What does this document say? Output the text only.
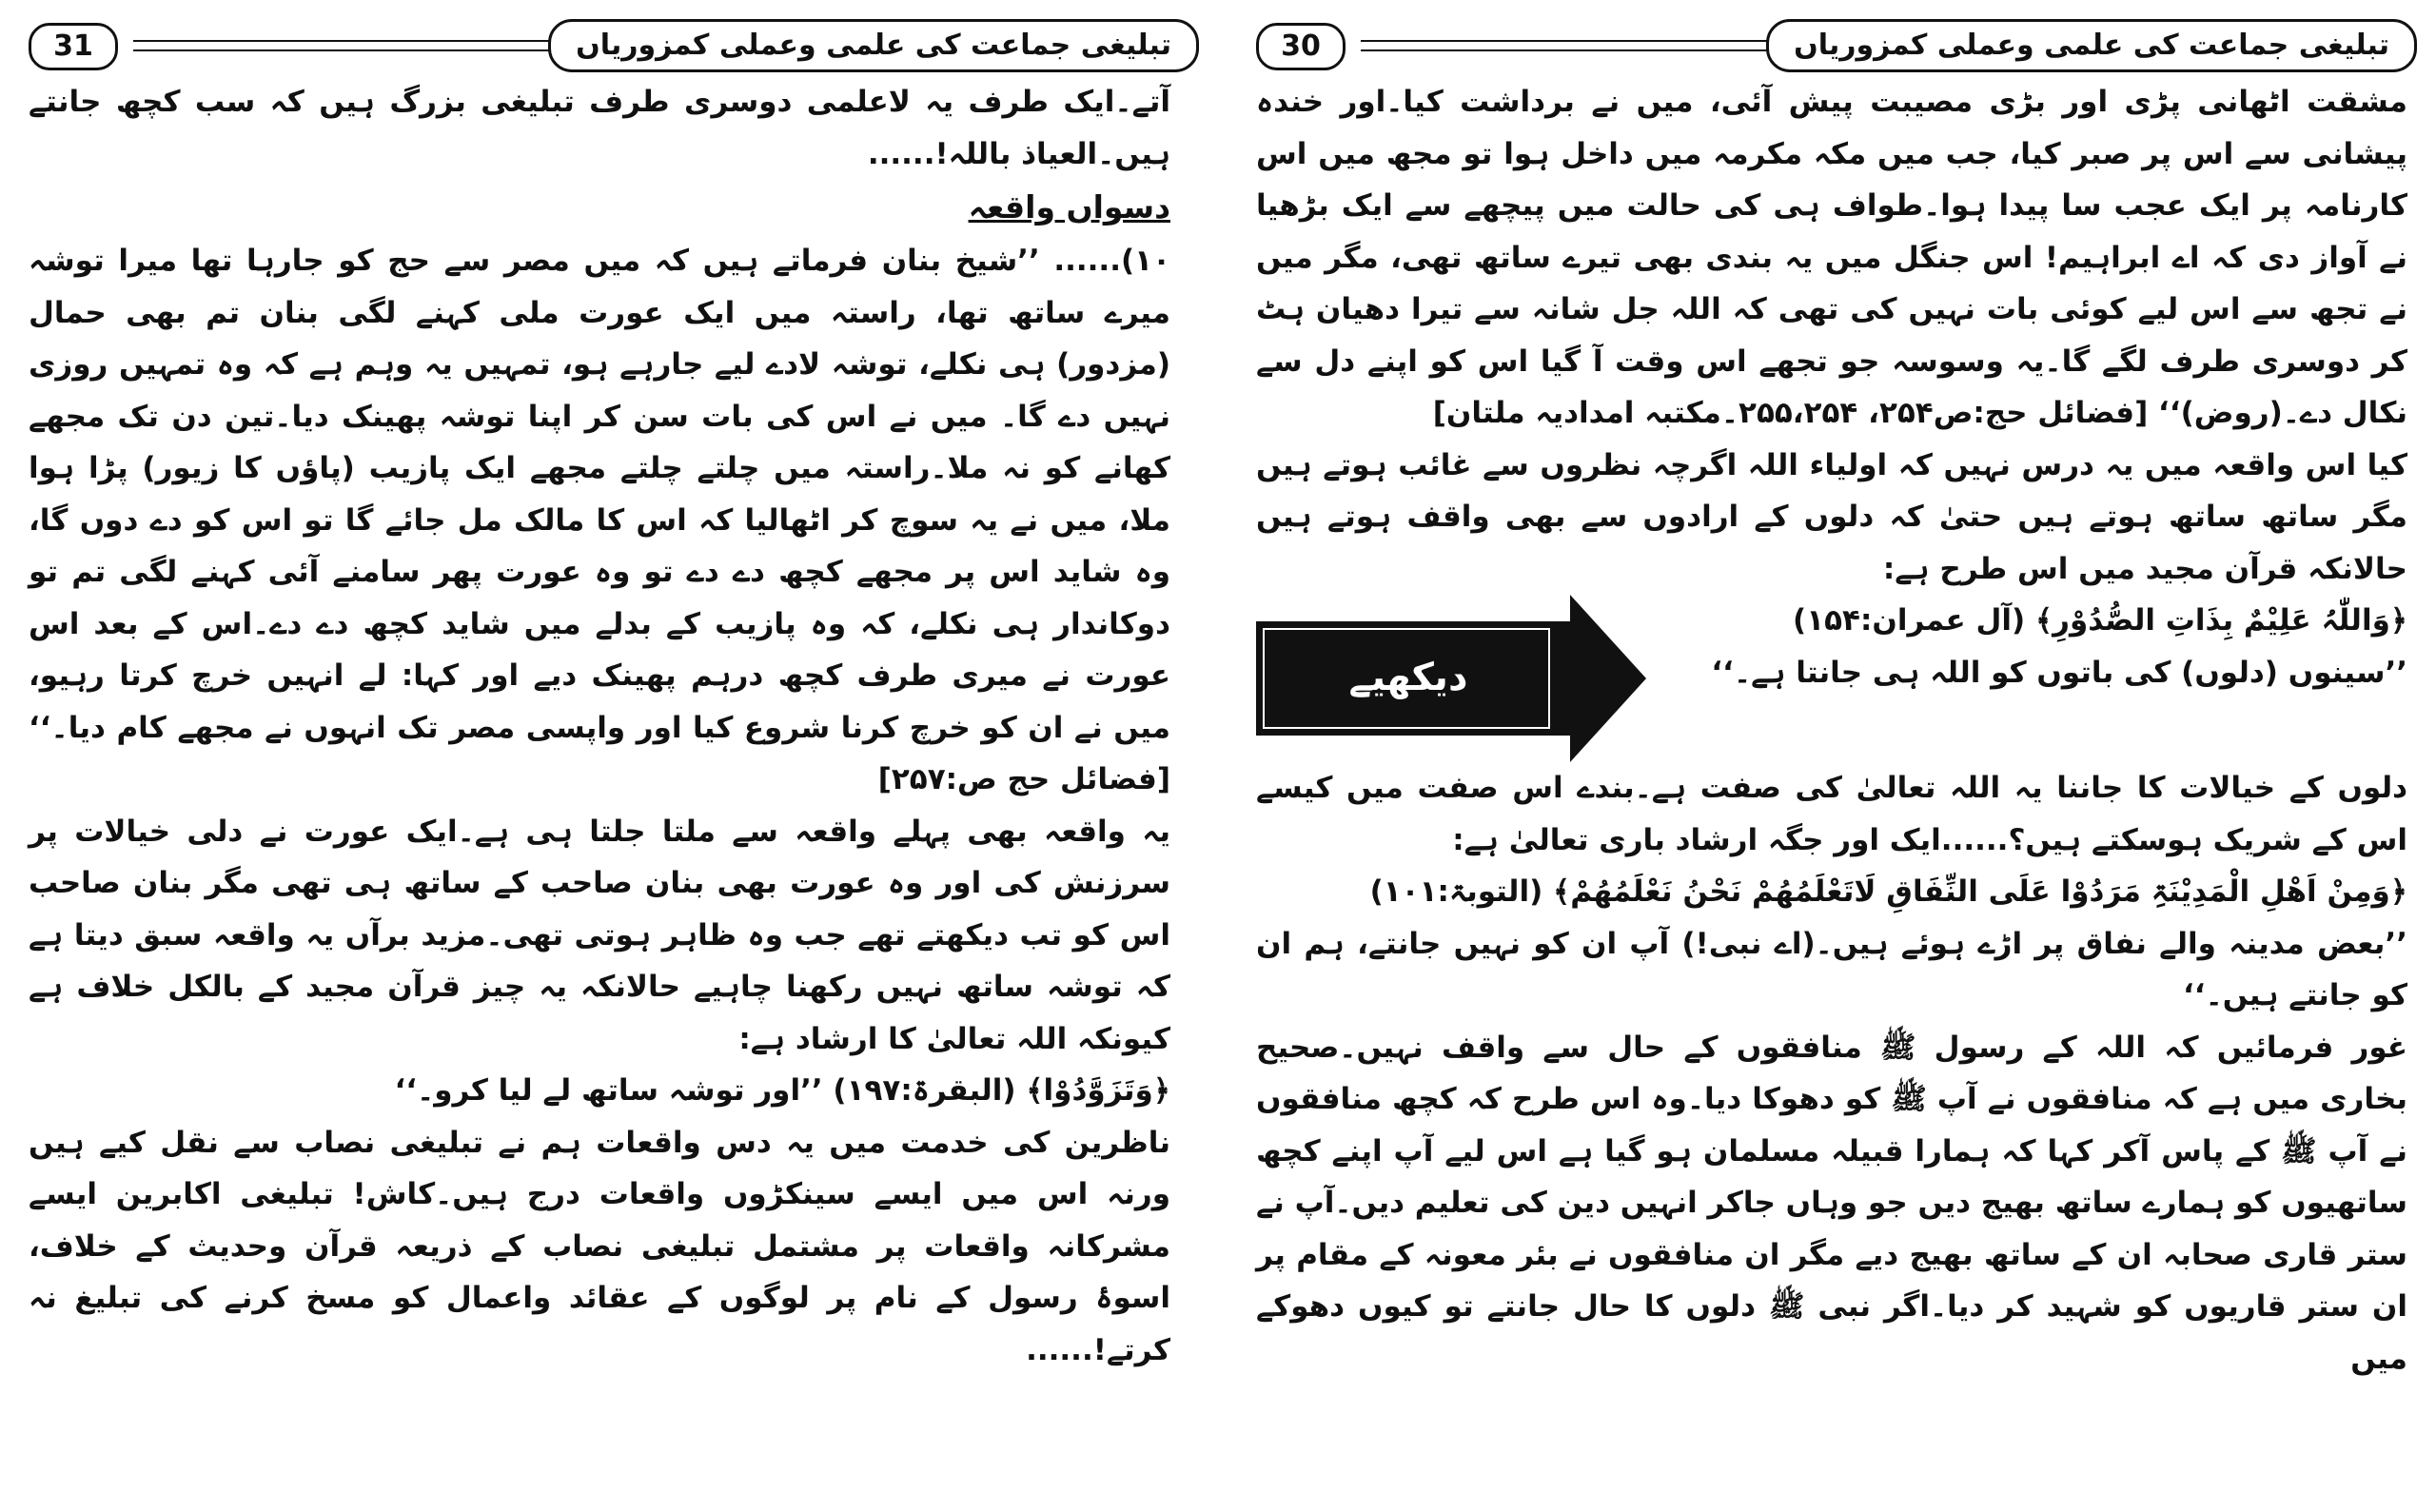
31	تبلیغی جماعت کی علمی وعملی کمزوریاں

آتے۔ایک طرف یہ لاعلمی دوسری طرف تبلیغی بزرگ ہیں کہ سب کچھ جانتے ہیں۔العیاذ باللہ!......

دسواں واقعہ

۱۰)...... ’’شیخ بنان فرماتے ہیں کہ میں مصر سے حج کو جارہا تھا میرا توشہ میرے ساتھ تھا، راستہ میں ایک عورت ملی کہنے لگی بنان تم بھی حمال (مزدور) ہی نکلے، توشہ لادے لیے جارہے ہو، تمہیں یہ وہم ہے کہ وہ تمہیں روزی نہیں دے گا۔ میں نے اس کی بات سن کر اپنا توشہ پھینک دیا۔تین دن تک مجھے کھانے کو نہ ملا۔راستہ میں چلتے چلتے مجھے ایک پازیب (پاؤں کا زیور) پڑا ہوا ملا، میں نے یہ سوچ کر اٹھالیا کہ اس کا مالک مل جائے گا تو اس کو دے دوں گا، وہ شاید اس پر مجھے کچھ دے دے تو وہ عورت پھر سامنے آئی کہنے لگی تم تو دوکاندار ہی نکلے، کہ وہ پازیب کے بدلے میں شاید کچھ دے دے۔اس کے بعد اس عورت نے میری طرف کچھ درہم پھینک دیے اور کہا: لے انہیں خرچ کرتا رہیو، میں نے ان کو خرچ کرنا شروع کیا اور واپسی مصر تک انہوں نے مجھے کام دیا۔‘‘ [فضائل حج ص:۲۵۷]

یہ واقعہ بھی پہلے واقعہ سے ملتا جلتا ہی ہے۔ایک عورت نے دلی خیالات پر سرزنش کی اور وہ عورت بھی بنان صاحب کے ساتھ ہی تھی مگر بنان صاحب اس کو تب دیکھتے تھے جب وہ ظاہر ہوتی تھی۔مزید برآں یہ واقعہ سبق دیتا ہے کہ توشہ ساتھ نہیں رکھنا چاہیے حالانکہ یہ چیز قرآن مجید کے بالکل خلاف ہے کیونکہ اللہ تعالیٰ کا ارشاد ہے:

﴿وَتَزَوَّدُوْا﴾ (البقرۃ:۱۹۷) ’’اور توشہ ساتھ لے لیا کرو۔‘‘

ناظرین کی خدمت میں یہ دس واقعات ہم نے تبلیغی نصاب سے نقل کیے ہیں ورنہ اس میں ایسے سینکڑوں واقعات درج ہیں۔کاش! تبلیغی اکابرین ایسے مشرکانہ واقعات پر مشتمل تبلیغی نصاب کے ذریعہ قرآن وحدیث کے خلاف، اسوۂ رسول کے نام پر لوگوں کے عقائد واعمال کو مسخ کرنے کی تبلیغ نہ کرتے!......

30	تبلیغی جماعت کی علمی وعملی کمزوریاں

مشقت اٹھانی پڑی اور بڑی مصیبت پیش آئی، میں نے برداشت کیا۔اور خندہ پیشانی سے اس پر صبر کیا، جب میں مکہ مکرمہ میں داخل ہوا تو مجھ میں اس کارنامہ پر ایک عجب سا پیدا ہوا۔طواف ہی کی حالت میں پیچھے سے ایک بڑھیا نے آواز دی کہ اے ابراہیم! اس جنگل میں یہ بندی بھی تیرے ساتھ تھی، مگر میں نے تجھ سے اس لیے کوئی بات نہیں کی تھی کہ اللہ جل شانہ سے تیرا دھیان ہٹ کر دوسری طرف لگے گا۔یہ وسوسہ جو تجھے اس وقت آ گیا اس کو اپنے دل سے نکال دے۔(روض)‘‘ [فضائل حج:ص۲۵۴، ۲۵۵،۲۵۴۔مکتبہ امدادیہ ملتان]

کیا اس واقعہ میں یہ درس نہیں کہ اولیاء اللہ اگرچہ نظروں سے غائب ہوتے ہیں مگر ساتھ ساتھ ہوتے ہیں حتیٰ کہ دلوں کے ارادوں سے بھی واقف ہوتے ہیں حالانکہ قرآن مجید میں اس طرح ہے:

دیکھیے

﴿وَاللّٰہُ عَلِیْمٌ بِذَاتِ الصُّدُوْرِ﴾ (آل عمران:۱۵۴)

’’سینوں (دلوں) کی باتوں کو اللہ ہی جانتا ہے۔‘‘

دلوں کے خیالات کا جاننا یہ اللہ تعالیٰ کی صفت ہے۔بندے اس صفت میں کیسے اس کے شریک ہوسکتے ہیں؟......ایک اور جگہ ارشاد باری تعالیٰ ہے:

﴿وَمِنْ اَھْلِ الْمَدِیْنَۃِ مَرَدُوْا عَلَی النِّفَاقِ لَاتَعْلَمُھُمْ نَحْنُ نَعْلَمُھُمْ﴾ (التوبۃ:۱۰۱)

’’بعض مدینہ والے نفاق پر اڑے ہوئے ہیں۔(اے نبی!) آپ ان کو نہیں جانتے، ہم ان کو جانتے ہیں۔‘‘

غور فرمائیں کہ اللہ کے رسول ﷺ منافقوں کے حال سے واقف نہیں۔صحیح بخاری میں ہے کہ منافقوں نے آپ ﷺ کو دھوکا دیا۔وہ اس طرح کہ کچھ منافقوں نے آپ ﷺ کے پاس آکر کہا کہ ہمارا قبیلہ مسلمان ہو گیا ہے اس لیے آپ اپنے کچھ ساتھیوں کو ہمارے ساتھ بھیج دیں جو وہاں جاکر انہیں دین کی تعلیم دیں۔آپ نے ستر قاری صحابہ ان کے ساتھ بھیج دیے مگر ان منافقوں نے بئر معونہ کے مقام پر ان ستر قاریوں کو شہید کر دیا۔اگر نبی ﷺ دلوں کا حال جانتے تو کیوں دھوکے میں
